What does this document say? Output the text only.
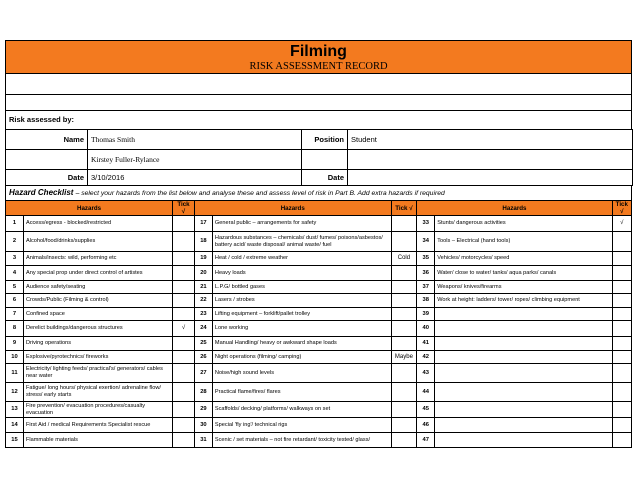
Filming
RISK ASSESSMENT RECORD
Risk assessed by:
Name	Thomas Smith		Position	Student
	Kirstey Fuller-Rylance			
Date	3/10/2016		Date	
Hazard Checklist – select your hazards from the list below and analyse these and assess level of risk in Part B. Add extra hazards if required
Hazards		Tick √	Hazards		Tick √	Hazards		Tick √
1	Access/egress - blocked/restricted		17	General public – arrangements for safety		33	Stunts/ dangerous activities	√
2	Alcohol/food/drinks/supplies		18	Hazardous substances – chemicals/ dust/ fumes/ poisons/asbestos/ battery acid/ waste disposal/ animal waste/ fuel		34	Tools – Electrical (hand tools)	
3	Animals/insects: wild, performing etc		19	Heat / cold / extreme weather	Cold	35	Vehicles/ motorcycles/ speed	
4	Any special prop under direct control of artistes		20	Heavy loads		36	Water/ close to water/ tanks/ aqua parks/ canals	
5	Audience safety/seating		21	L.P.G/ bottled gases		37	Weapons/ knives/firearms	
6	Crowds/Public (Filming & control)		22	Lasers / strobes		38	Work at height: ladders/ tower/ ropes/ climbing equipment	
7	Confined space		23	Lifting equipment – forklift/pallet trolley		39		
8	Derelict buildings/dangerous structures	√	24	Lone working		40		
9	Driving operations		25	Manual Handling/ heavy or awkward shape loads		41		
10	Explosive/pyrotechnics/ fireworks		26	Night operations (filming/ camping)	Maybe	42		
11	Electricity/ lighting feeds/ practical's/ generators/ cables near water		27	Noise/high sound levels		43		
12	Fatigue/ long hours/ physical exertion/ adrenaline flow/ stress/ early starts		28	Practical flame/fires/ flares		44		
13	Fire prevention/ evacuation procedures/casualty evacuation		29	Scaffolds/ decking/ platforms/ walkways on set		45		
14	First Aid / medical Requirements Specialist rescue		30	Special 'fly ing'/ technical rigs		46		
15	Flammable materials		31	Scenic / set materials – not fire retardant/ toxicity tested/ glass/		47		
